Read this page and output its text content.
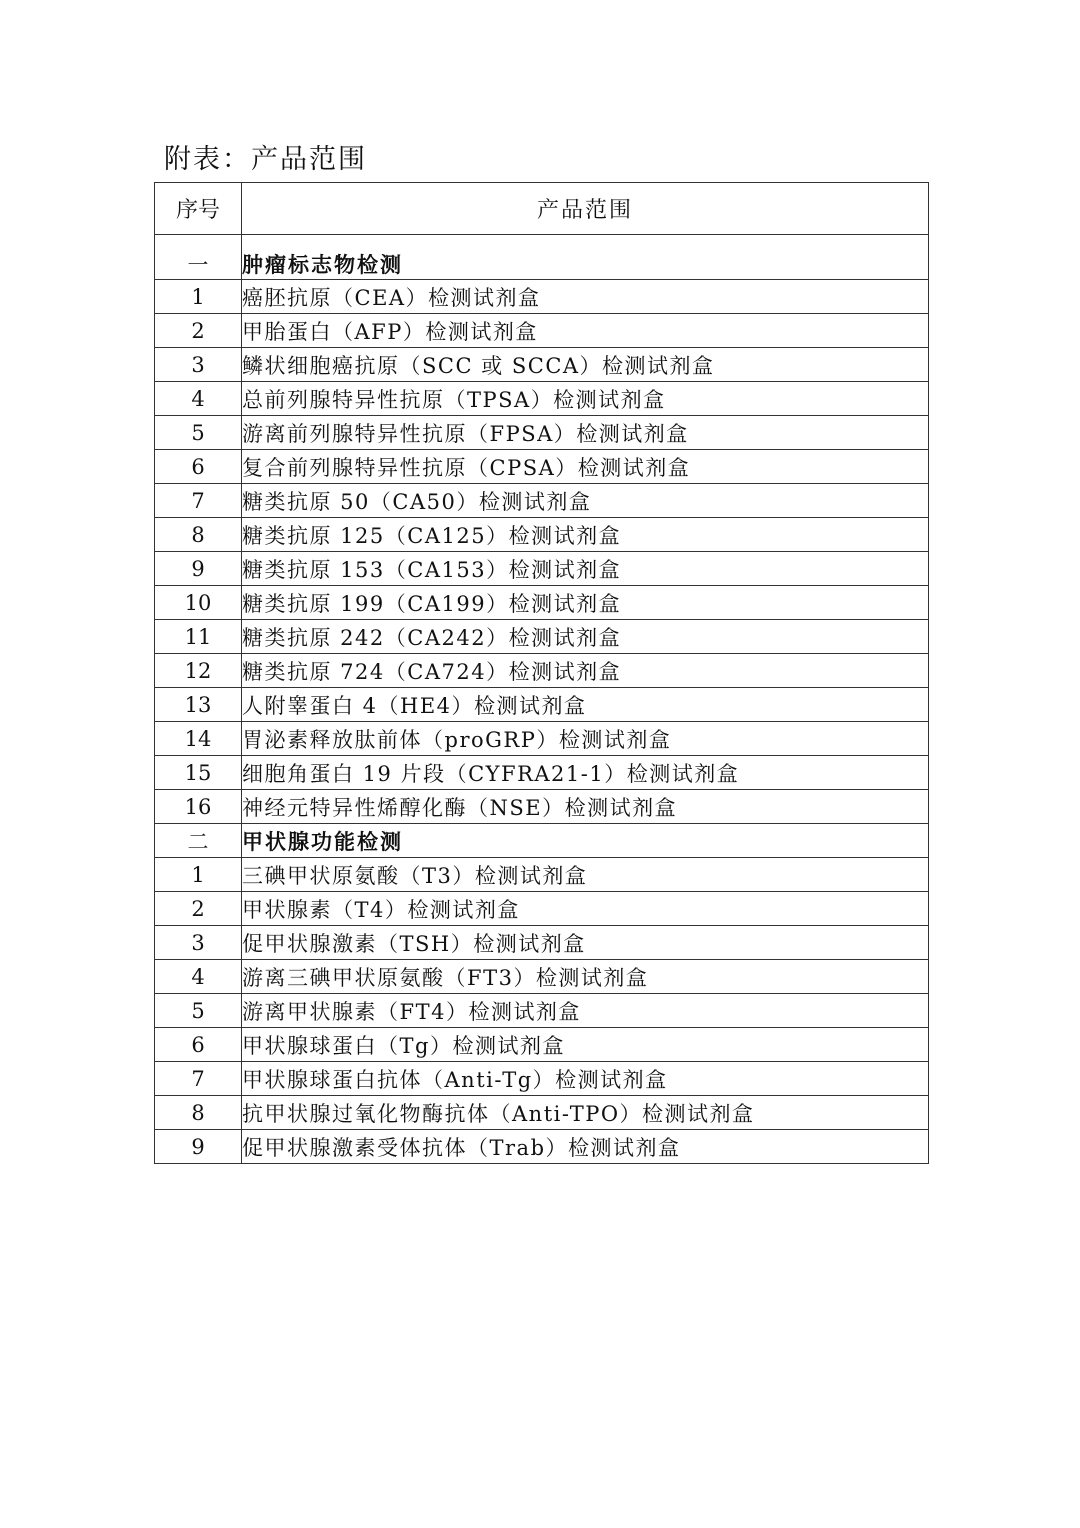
附表：产品范围
序号	产品范围
一	肿瘤标志物检测
1	癌胚抗原（CEA）检测试剂盒
2	甲胎蛋白（AFP）检测试剂盒
3	鳞状细胞癌抗原（SCC 或 SCCA）检测试剂盒
4	总前列腺特异性抗原（TPSA）检测试剂盒
5	游离前列腺特异性抗原（FPSA）检测试剂盒
6	复合前列腺特异性抗原（CPSA）检测试剂盒
7	糖类抗原 50（CA50）检测试剂盒
8	糖类抗原 125（CA125）检测试剂盒
9	糖类抗原 153（CA153）检测试剂盒
10	糖类抗原 199（CA199）检测试剂盒
11	糖类抗原 242（CA242）检测试剂盒
12	糖类抗原 724（CA724）检测试剂盒
13	人附睾蛋白 4（HE4）检测试剂盒
14	胃泌素释放肽前体（proGRP）检测试剂盒
15	细胞角蛋白 19 片段（CYFRA21-1）检测试剂盒
16	神经元特异性烯醇化酶（NSE）检测试剂盒
二	甲状腺功能检测
1	三碘甲状原氨酸（T3）检测试剂盒
2	甲状腺素（T4）检测试剂盒
3	促甲状腺激素（TSH）检测试剂盒
4	游离三碘甲状原氨酸（FT3）检测试剂盒
5	游离甲状腺素（FT4）检测试剂盒
6	甲状腺球蛋白（Tg）检测试剂盒
7	甲状腺球蛋白抗体（Anti-Tg）检测试剂盒
8	抗甲状腺过氧化物酶抗体（Anti-TPO）检测试剂盒
9	促甲状腺激素受体抗体（Trab）检测试剂盒
